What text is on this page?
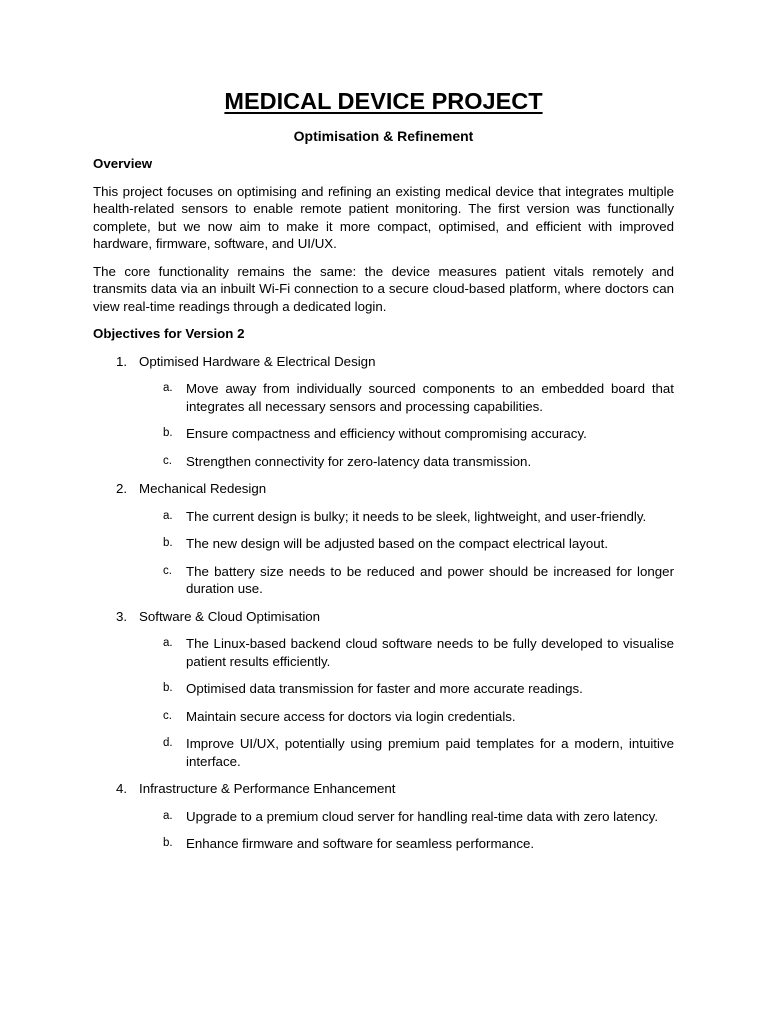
MEDICAL DEVICE PROJECT
Optimisation & Refinement
Overview

This project focuses on optimising and refining an existing medical device that integrates multiple health-related sensors to enable remote patient monitoring. The first version was functionally complete, but we now aim to make it more compact, optimised, and efficient with improved hardware, firmware, software, and UI/UX.

The core functionality remains the same: the device measures patient vitals remotely and transmits data via an inbuilt Wi-Fi connection to a secure cloud-based platform, where doctors can view real-time readings through a dedicated login.

Objectives for Version 2
1. Optimised Hardware & Electrical Design
a. Move away from individually sourced components to an embedded board that integrates all necessary sensors and processing capabilities.
b. Ensure compactness and efficiency without compromising accuracy.
c. Strengthen connectivity for zero-latency data transmission.
2. Mechanical Redesign
a. The current design is bulky; it needs to be sleek, lightweight, and user-friendly.
b. The new design will be adjusted based on the compact electrical layout.
c. The battery size needs to be reduced and power should be increased for longer duration use.
3. Software & Cloud Optimisation
a. The Linux-based backend cloud software needs to be fully developed to visualise patient results efficiently.
b. Optimised data transmission for faster and more accurate readings.
c. Maintain secure access for doctors via login credentials.
d. Improve UI/UX, potentially using premium paid templates for a modern, intuitive interface.
4. Infrastructure & Performance Enhancement
a. Upgrade to a premium cloud server for handling real-time data with zero latency.
b. Enhance firmware and software for seamless performance.
